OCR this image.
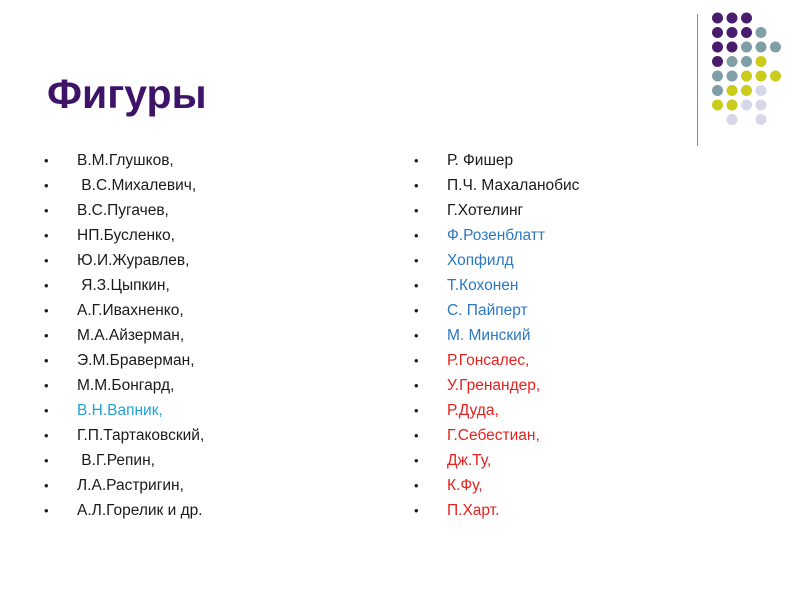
Фигуры
•	В.М.Глушков,
•	В.С.Михалевич,
•	В.С.Пугачев,
•	НП.Бусленко,
•	Ю.И.Журавлев,
•	Я.З.Цыпкин,
•	А.Г.Ивахненко,
•	М.А.Айзерман,
•	Э.М.Браверман,
•	М.М.Бонгард,
•	В.Н.Вапник,
•	Г.П.Тартаковский,
•	В.Г.Репин,
•	Л.А.Растригин,
•	А.Л.Горелик и др.
•	Р. Фишер
•	П.Ч. Махаланобис
•	Г.Хотелинг
•	Ф.Розенблатт
•	Хопфилд
•	Т.Кохонен
•	С. Пайперт
•	М. Минский
•	Р.Гонсалес,
•	У.Гренандер,
•	Р.Дуда,
•	Г.Себестиан,
•	Дж.Ту,
•	К.Фу,
•	П.Харт.
